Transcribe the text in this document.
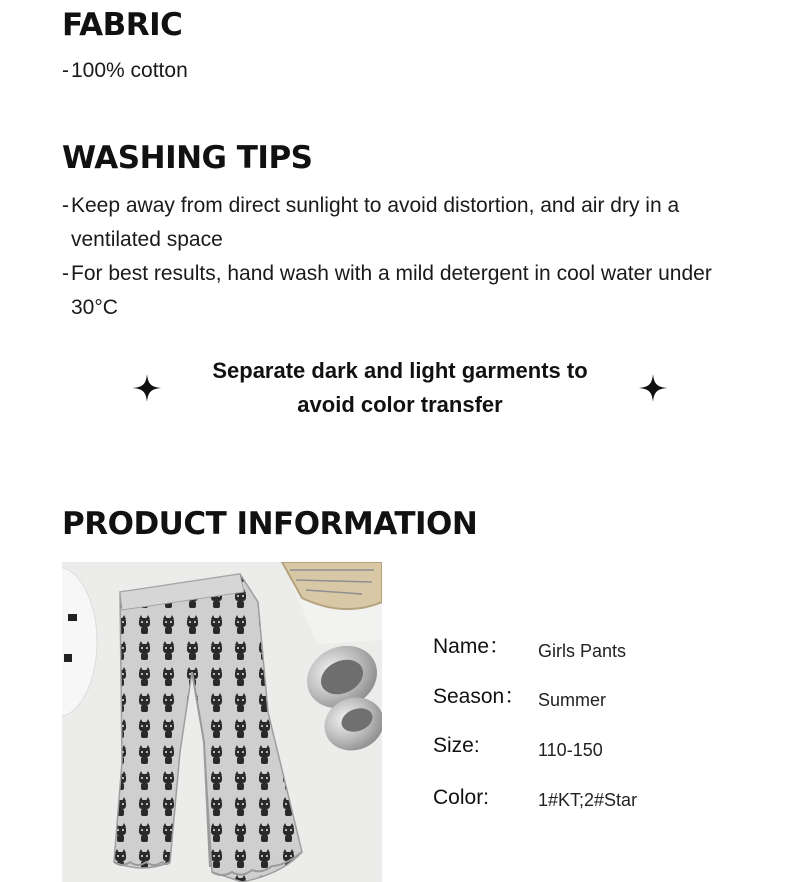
FABRIC
- 100% cotton
WASHING TIPS
- Keep away from direct sunlight to avoid distortion, and air dry in a ventilated space
- For best results, hand wash with a mild detergent in cool water under 30°C
Separate dark and light garments to
avoid color transfer
PRODUCT INFORMATION
Name： Girls Pants
Season： Summer
Size:	110-150
Color:	1#KT;2#Star
